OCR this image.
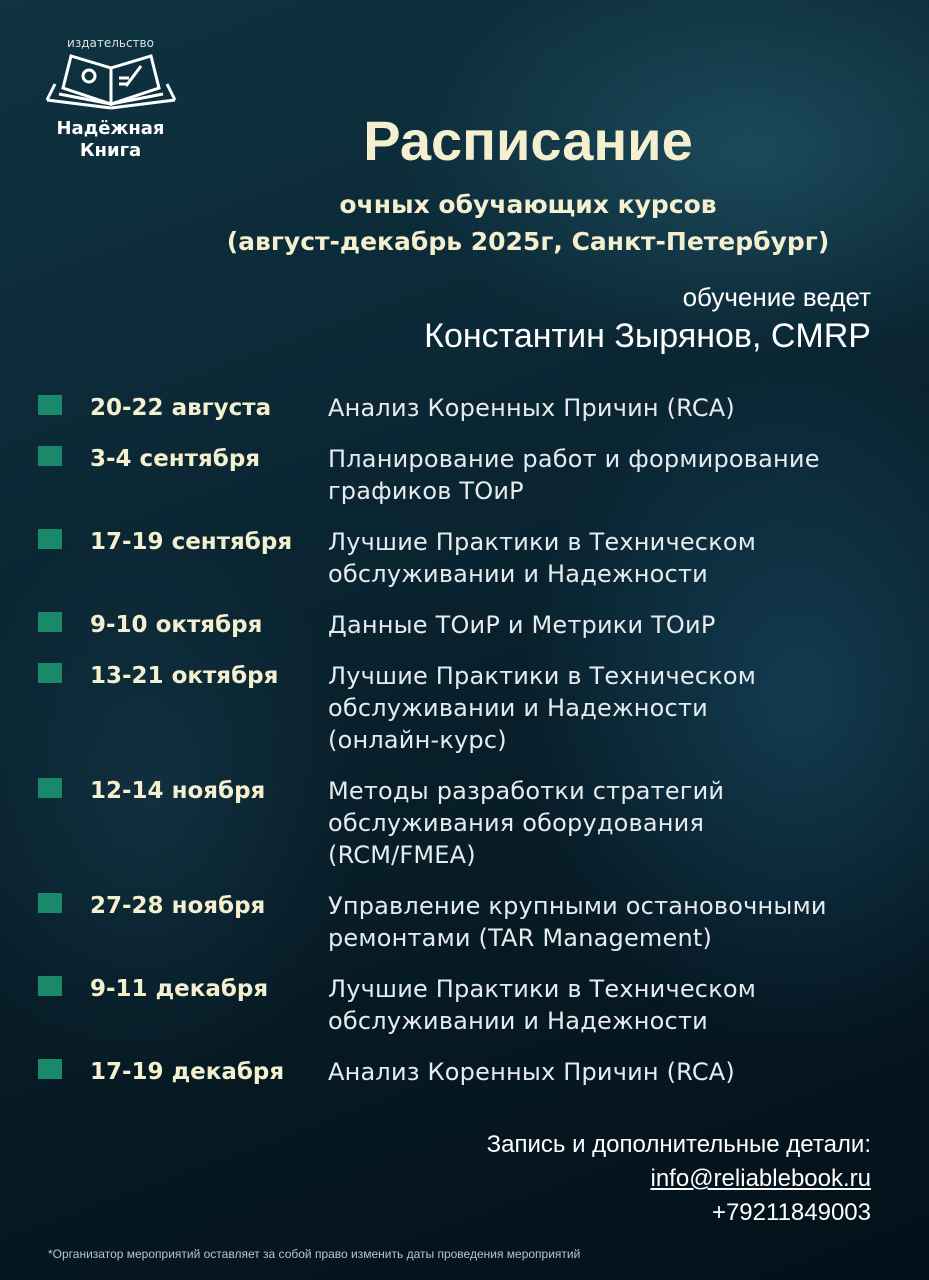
издательство
Надёжная
Книга	Расписание
очных обучающих курсов
(август-декабрь 2025г, Санкт-Петербург)
обучение ведет
Константин Зырянов, CMRP
20-22 августа	Анализ Коренных Причин (RCA)
3-4 сентября	Планирование работ и формирование
графиков ТОиР
17-19 сентября	Лучшие Практики в Техническом
обслуживании и Надежности
9-10 октября	Данные ТОиР и Метрики ТОиР
13-21 октября	Лучшие Практики в Техническом
обслуживании и Надежности
(онлайн-курс)
12-14 ноября	Методы разработки стратегий
обслуживания оборудования
(RCM/FMEA)
27-28 ноября	Управление крупными остановочными
ремонтами (TAR Management)
9-11 декабря	Лучшие Практики в Техническом
обслуживании и Надежности
17-19 декабря	Анализ Коренных Причин (RCA)
Запись и дополнительные детали:
info@reliablebook.ru
+79211849003
*Организатор мероприятий оставляет за собой право изменить даты проведения мероприятий
